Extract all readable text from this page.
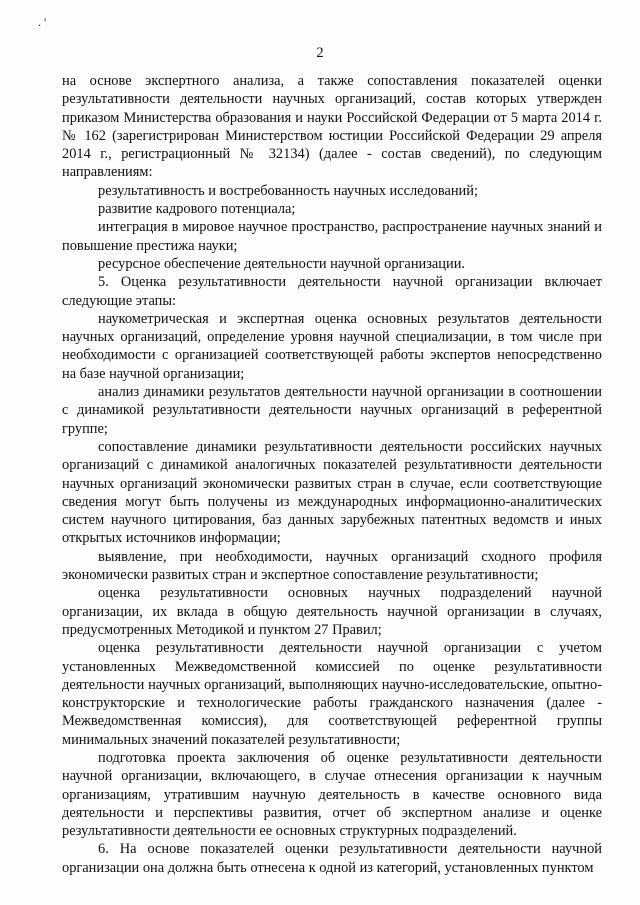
. '
2

на основе экспертного анализа, а также сопоставления показателей оценки результативности деятельности научных организаций, состав которых утвержден приказом Министерства образования и науки Российской Федерации от 5 марта 2014 г. № 162 (зарегистрирован Министерством юстиции Российской Федерации 29 апреля 2014 г., регистрационный № 32134) (далее - состав сведений), по следующим направлениям:

результативность и востребованность научных исследований;

развитие кадрового потенциала;

интеграция в мировое научное пространство, распространение научных знаний и повышение престижа науки;

ресурсное обеспечение деятельности научной организации.

5. Оценка результативности деятельности научной организации включает следующие этапы:

наукометрическая и экспертная оценка основных результатов деятельности научных организаций, определение уровня научной специализации, в том числе при необходимости с организацией соответствующей работы экспертов непосредственно на базе научной организации;

анализ динамики результатов деятельности научной организации в соотношении с динамикой результативности деятельности научных организаций в референтной группе;

сопоставление динамики результативности деятельности российских научных организаций с динамикой аналогичных показателей результативности деятельности научных организаций экономически развитых стран в случае, если соответствующие сведения могут быть получены из международных информационно-аналитических систем научного цитирования, баз данных зарубежных патентных ведомств и иных открытых источников информации;

выявление, при необходимости, научных организаций сходного профиля экономически развитых стран и экспертное сопоставление результативности;

оценка результативности основных научных подразделений научной организации, их вклада в общую деятельность научной организации в случаях, предусмотренных Методикой и пунктом 27 Правил;

оценка результативности деятельности научной организации с учетом установленных Межведомственной комиссией по оценке результативности деятельности научных организаций, выполняющих научно-исследовательские, опытно-конструкторские и технологические работы гражданского назначения (далее - Межведомственная комиссия), для соответствующей референтной группы минимальных значений показателей результативности;

подготовка проекта заключения об оценке результативности деятельности научной организации, включающего, в случае отнесения организации к научным организациям, утратившим научную деятельность в качестве основного вида деятельности и перспективы развития, отчет об экспертном анализе и оценке результативности деятельности ее основных структурных подразделений.

6. На основе показателей оценки результативности деятельности научной организации она должна быть отнесена к одной из категорий, установленных пунктом
